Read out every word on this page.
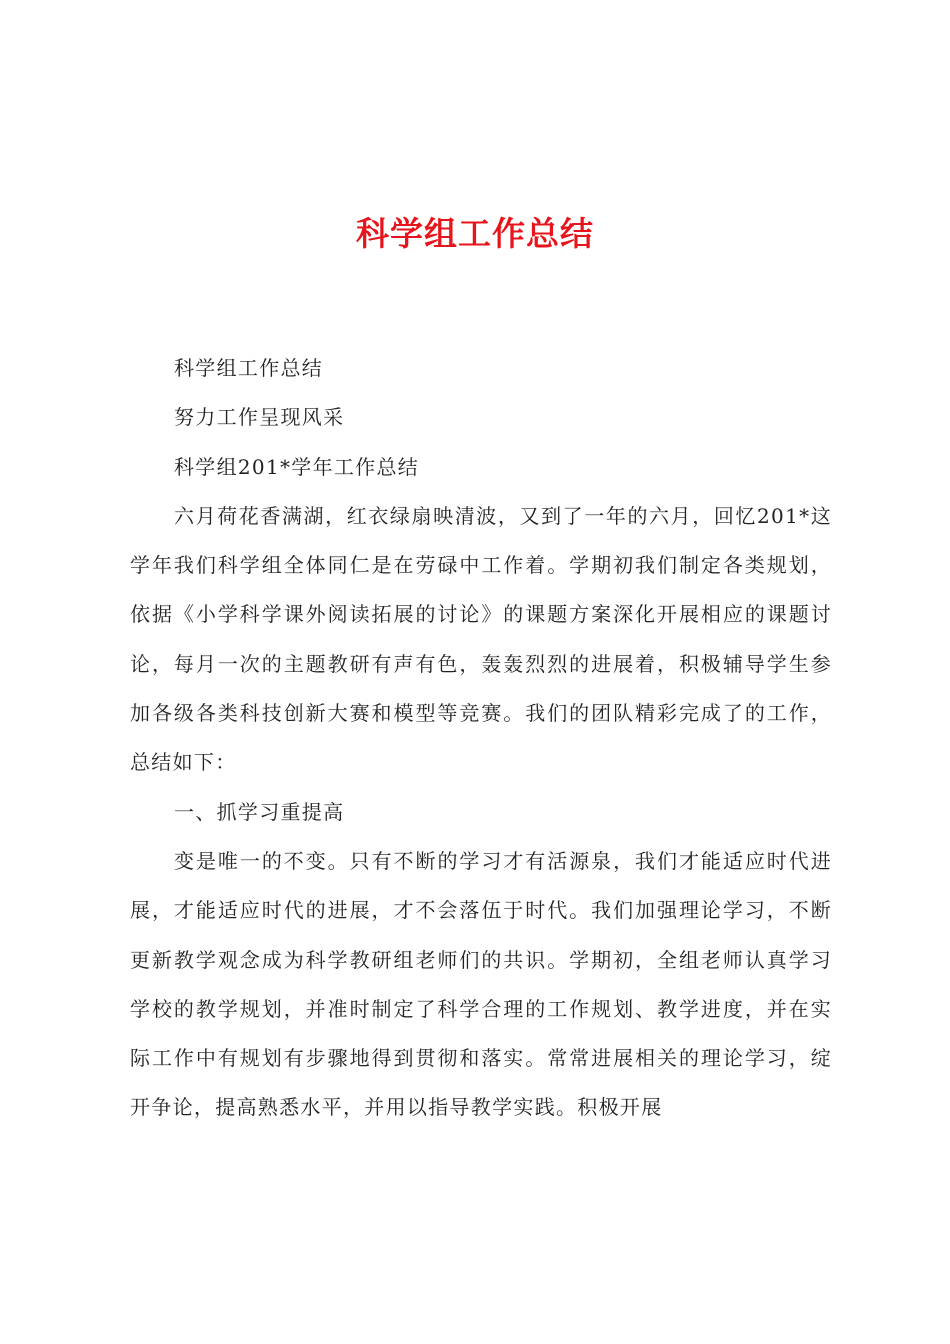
科学组工作总结

科学组工作总结

努力工作呈现风采

科学组201*学年工作总结

六月荷花香满湖，红衣绿扇映清波，又到了一年的六月，回忆201*这学年我们科学组全体同仁是在劳碌中工作着。学期初我们制定各类规划，依据《小学科学课外阅读拓展的讨论》的课题方案深化开展相应的课题讨论，每月一次的主题教研有声有色，轰轰烈烈的进展着，积极辅导学生参加各级各类科技创新大赛和模型等竞赛。我们的团队精彩完成了的工作，总结如下：

一、抓学习重提高

变是唯一的不变。只有不断的学习才有活源泉，我们才能适应时代进展，才能适应时代的进展，才不会落伍于时代。我们加强理论学习，不断更新教学观念成为科学教研组老师们的共识。学期初，全组老师认真学习学校的教学规划，并准时制定了科学合理的工作规划、教学进度，并在实际工作中有规划有步骤地得到贯彻和落实。常常进展相关的理论学习，绽开争论，提高熟悉水平，并用以指导教学实践。积极开展
